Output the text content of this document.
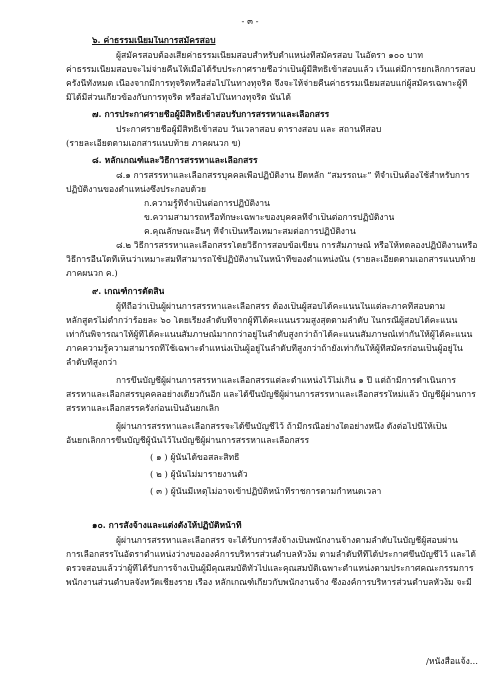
- ๓ -
๖. ค่าธรรมเนียมในการสมัครสอบ
ผู้สมัครสอบต้องเสียค่าธรรมเนียมสอบสำหรับตำแหน่งที่สมัครสอบ ในอัตรา ๑๐๐ บาท
ค่าธรรมเนียมสอบจะไม่จ่ายคืนให้เมื่อได้รับประกาศรายชื่อว่าเป็นผู้มีสิทธิเข้าสอบแล้ว เว้นแต่มีการยกเลิกการสอบ
ครั้งนี้ทั้งหมด เนื่องจากมีการทุจริตหรือส่อไปในทางทุจริต จึงจะให้จ่ายคืนค่าธรรมเนียมสอบแก่ผู้สมัครเฉพาะผู้ที่
มิได้มีส่วนเกี่ยวข้องกับการทุจริต หรือส่อไปในทางทุจริต นั้นได้
๗. การประกาศรายชื่อผู้มีสิทธิเข้าสอบรับการสรรหาและเลือกสรร
ประกาศรายชื่อผู้มีสิทธิเข้าสอบ วันเวลาสอบ ตารางสอบ และ สถานที่สอบ
(รายละเอียดตามเอกสารแนบท้าย ภาคผนวก ข)
๘. หลักเกณฑ์และวิธีการสรรหาและเลือกสรร
๘.๑ การสรรหาและเลือกสรรบุคคลเพื่อปฏิบัติงาน ยึดหลัก “สมรรถนะ” ที่จำเป็นต้องใช้สำหรับการ
ปฏิบัติงานของตำแหน่งซึ่งประกอบด้วย
ก.ความรู้ที่จำเป็นต่อการปฏิบัติงาน
ข.ความสามารถหรือทักษะเฉพาะของบุคคลที่จำเป็นต่อการปฏิบัติงาน
ค.คุณลักษณะอื่นๆ ที่จำเป็นหรือเหมาะสมต่อการปฏิบัติงาน
๘.๒ วิธีการสรรหาและเลือกสรรโดยวิธีการสอบข้อเขียน การสัมภาษณ์ หรือให้ทดลองปฏิบัติงานหรือ
วิธีการอื่นใดที่เห็นว่าเหมาะสมที่สามารถใช้ปฏิบัติงานในหน้าที่ของตำแหน่งนั้น (รายละเอียดตามเอกสารแนบท้าย
ภาคผนวก ค.)
๙. เกณฑ์การตัดสิน
ผู้ที่ถือว่าเป็นผู้ผ่านการสรรหาและเลือกสรร ต้องเป็นผู้สอบได้คะแนนในแต่ละภาคที่สอบตาม
หลักสูตรไม่ต่ำกว่าร้อยละ ๖๐ โดยเรียงลำดับที่จากผู้ที่ได้คะแนนรวมสูงสุดตามลำดับ ในกรณีผู้สอบได้คะแนน
เท่ากันพิจารณาให้ผู้ที่ได้คะแนนสัมภาษณ์มากกว่าอยู่ในลำดับสูงกว่าถ้าได้คะแนนสัมภาษณ์เท่ากันให้ผู้ได้คะแนน
ภาคความรู้ความสามารถที่ใช้เฉพาะตำแหน่งเป็นผู้อยู่ในลำดับที่สูงกว่าถ้ายังเท่ากันให้ผู้ที่สมัครก่อนเป็นผู้อยู่ใน
ลำดับที่สูงกว่า
การขึ้นบัญชีผู้ผ่านการสรรหาและเลือกสรรแต่ละตำแหน่งไว้ไม่เกิน ๑ ปี แต่ถ้ามีการดำเนินการ
สรรหาและเลือกสรรบุคคลอย่างเดียวกันอีก และได้ขึ้นบัญชีผู้ผ่านการสรรหาและเลือกสรรใหม่แล้ว บัญชีผู้ผ่านการ
สรรหาและเลือกสรรครั้งก่อนเป็นอันยกเลิก
ผู้ผ่านการสรรหาและเลือกสรรจะได้ขึ้นบัญชีไว้ ถ้ามีกรณีอย่างใดอย่างหนึ่ง ดังต่อไปนี้ให้เป็น
อันยกเลิกการขึ้นบัญชีผู้นั้นไว้ในบัญชีผู้ผ่านการสรรหาและเลือกสรร
( ๑ ) ผู้นั้นได้ขอสละสิทธิ์
( ๒ ) ผู้นั้นไม่มารายงานตัว
( ๓ ) ผู้นั้นมีเหตุไม่อาจเข้าปฏิบัติหน้าที่ราชการตามกำหนดเวลา
๑๐. การสั่งจ้างและแต่งตั้งให้ปฏิบัติหน้าที่
ผู้ผ่านการสรรหาและเลือกสรร จะได้รับการสั่งจ้างเป็นพนักงานจ้างตามลำดับในบัญชีผู้สอบผ่าน
การเลือกสรรในอัตราตำแหน่งว่างขององค์การบริหารส่วนตำบลหัวง้ม ตามลำดับที่ที่ได้ประกาศขึ้นบัญชีไว้ และได้
ตรวจสอบแล้วว่าผู้ที่ได้รับการจ้างเป็นผู้มีคุณสมบัติทั่วไปและคุณสมบัติเฉพาะตำแหน่งตามประกาศคณะกรรมการ
พนักงานส่วนตำบลจังหวัดเชียงราย เรื่อง หลักเกณฑ์เกี่ยวกับพนักงานจ้าง ซึ่งองค์การบริหารส่วนตำบลหัวง้ม จะมี
/หนังสือแจ้ง...
